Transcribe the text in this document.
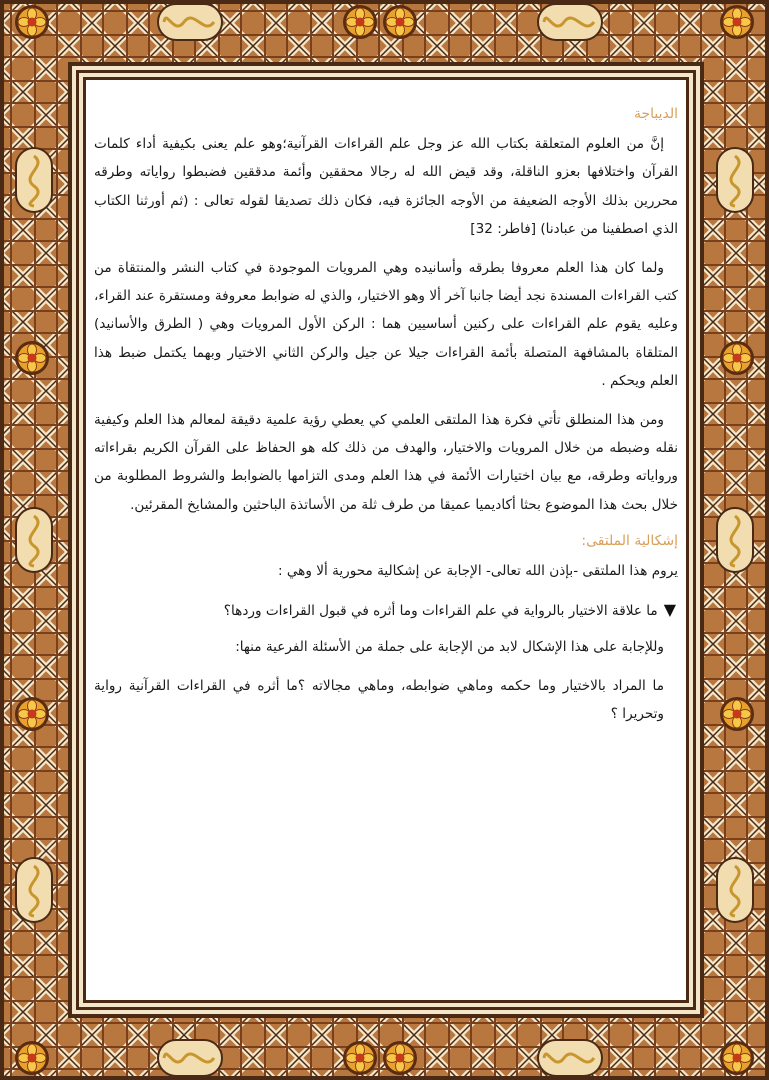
الديباجة

إنَّ من العلوم المتعلقة بكتاب الله عز وجل علم القراءات القرآنية؛وهو علم يعنى بكيفية أداء كلمات القرآن واختلافها بعزو الناقلة، وقد قيض الله له رجالا محققين وأئمة مدققين فضبطوا رواياته وطرقه محررين بذلك الأوجه الضعيفة من الأوجه الجائزة فيه، فكان ذلك تصديقا لقوله تعالى : (ثم أورثنا الكتاب الذي اصطفينا من عبادنا) [فاطر: 32]

ولما كان هذا العلم معروفا بطرقه وأسانيده وهي المرويات الموجودة في كتاب النشر والمنتقاة من كتب القراءات المسندة نجد أيضا جانبا آخر ألا وهو الاختيار، والذي له ضوابط معروفة ومستقرة عند القراء، وعليه يقوم علم القراءات على ركنين أساسيين هما : الركن الأول المرويات وهي ( الطرق والأسانيد) المتلقاة بالمشافهة المتصلة بأئمة القراءات جيلا عن جيل والركن الثاني الاختيار وبهما يكتمل ضبط هذا العلم ويحكم .

ومن هذا المنطلق تأتي فكرة هذا الملتقى العلمي كي يعطي رؤية علمية دقيقة لمعالم هذا العلم وكيفية نقله وضبطه من خلال المرويات والاختيار، والهدف من ذلك كله هو الحفاظ على القرآن الكريم بقراءاته ورواياته وطرقه، مع بيان اختيارات الأئمة في هذا العلم ومدى التزامها بالضوابط والشروط المطلوبة من خلال بحث هذا الموضوع بحثا أكاديميا عميقا من طرف ثلة من الأساتذة الباحثين والمشايخ المقرئين.

إشكالية الملتقى:

يروم هذا الملتقى -بإذن الله تعالى- الإجابة عن إشكالية محورية ألا وهي :

▼ما علاقة الاختيار بالرواية في علم القراءات وما أثره في قبول القراءات وردها؟

وللإجابة على هذا الإشكال لابد من الإجابة على جملة من الأسئلة الفرعية منها:

ما المراد بالاختيار وما حكمه وماهي ضوابطه، وماهي مجالاته ؟ما أثره في القراءات القرآنية رواية وتحريرا ؟
